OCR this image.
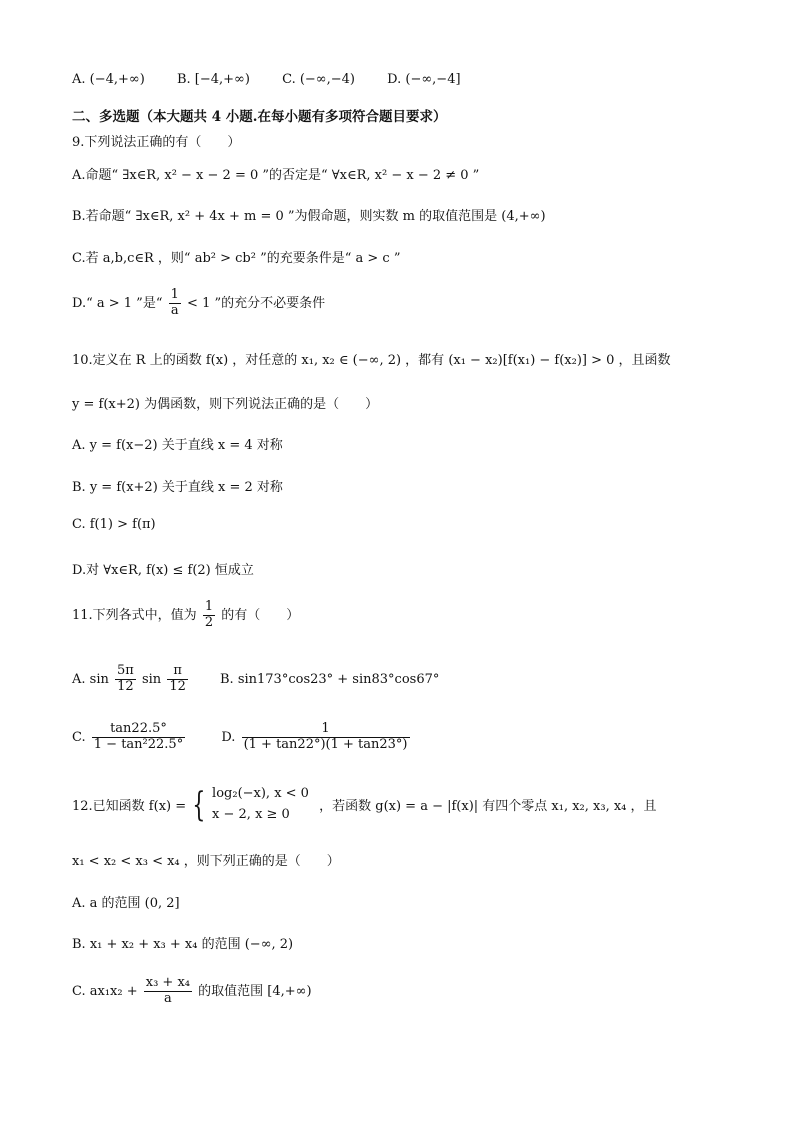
A. (−4,+∞) B. [−4,+∞) C. (−∞,−4) D. (−∞,−4]
二、多选题（本大题共 4 小题.在每小题有多项符合题目要求）
9.下列说法正确的有（　　）
A.命题“ ∃x∈R, x² − x − 2 = 0 ”的否定是“ ∀x∈R, x² − x − 2 ≠ 0 ”
B.若命题“ ∃x∈R, x² + 4x + m = 0 ”为假命题，则实数 m 的取值范围是 (4,+∞)
C.若 a,b,c∈R ，则“ ab² > cb² ”的充要条件是“ a > c ”
D.“ a > 1 ”是“ $\frac{1}{a} < 1$ ”的充分不必要条件
10.定义在 R 上的函数 f(x) ，对任意的 x₁, x₂ ∈ (−∞, 2) ，都有 (x₁ − x₂)[f(x₁) − f(x₂)] > 0 ，且函数
y = f(x+2) 为偶函数，则下列说法正确的是（　　）
A. y = f(x−2) 关于直线 x = 4 对称
B. y = f(x+2) 关于直线 x = 2 对称
C. f(1) > f(π)
D.对 ∀x∈R, f(x) ≤ f(2) 恒成立
11.下列各式中，值为 $\frac{1}{2}$ 的有（　　）
A. $\sin \frac{5\pi}{12}$ $\sin \frac{\pi}{12} B$. sin173°cos23° + sin83°cos67°
C. $\frac{\tan 22.5^\circ}{\text{1 − tan²22.5°}}$	D. $\frac{1}{(1 + \tan 22^\circ)(1 + \tan 23^\circ)}$
12.已知函数 f(x) = { log₂(−x), x < 0
x − 2, x ≥ 0	，若函数 g(x) = a − |f(x)| 有四个零点 x₁, x₂, x₃, x₄ ，且
x₁ < x₂ < x₃ < x₄ ，则下列正确的是（　　）
A. a 的范围 (0, 2]
B. x₁ + x₂ + x₃ + x₄ 的范围 (−∞, 2)
C. $ax_1x_2 + \frac{\text{x₃ + x₄}}{a}$ 的取值范围 [4,+∞)
